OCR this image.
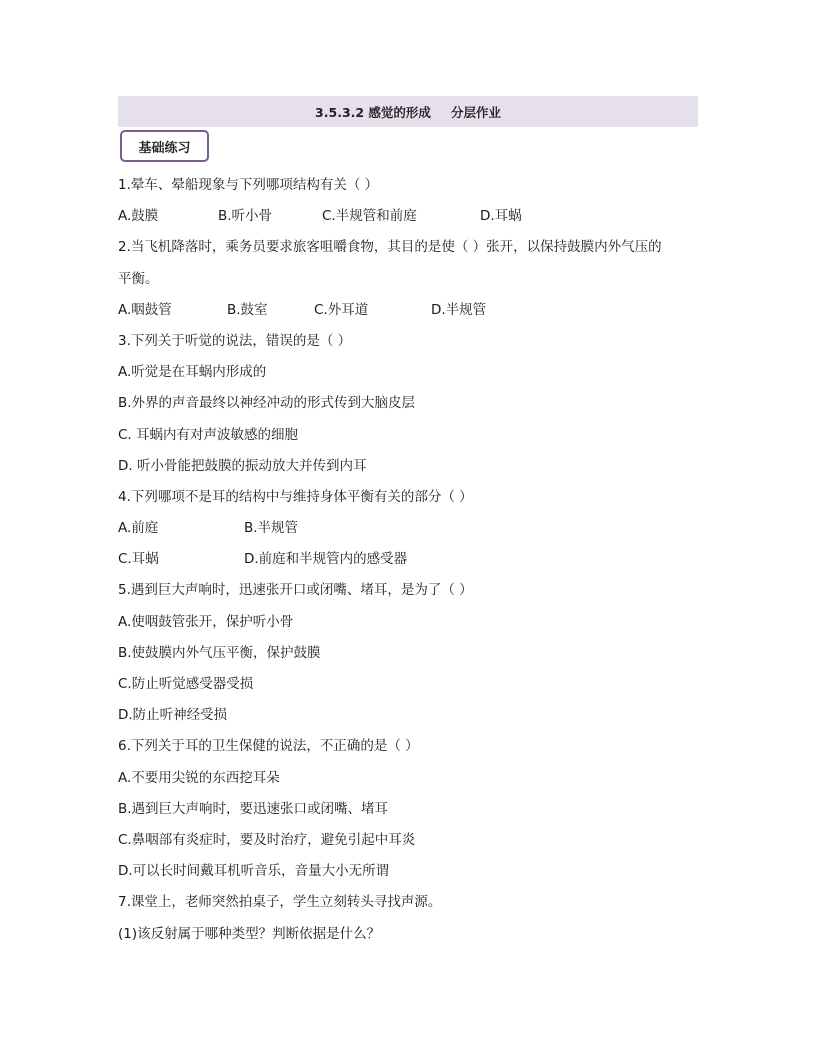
3.5.3.2 感觉的形成 分层作业
基础练习
1.晕车、晕船现象与下列哪项结构有关（ ）
A.鼓膜	B.听小骨	C.半规管和前庭	D.耳蜗
2.当飞机降落时，乘务员要求旅客咀嚼食物，其目的是使（ ）张开，以保持鼓膜内外气压的
平衡。
A.咽鼓管	B.鼓室	C.外耳道	D.半规管
3.下列关于听觉的说法，错误的是（ ）
A.听觉是在耳蜗内形成的
B.外界的声音最终以神经冲动的形式传到大脑皮层
C. 耳蜗内有对声波敏感的细胞
D. 听小骨能把鼓膜的振动放大并传到内耳
4.下列哪项不是耳的结构中与维持身体平衡有关的部分（ ）
A.前庭	B.半规管
C.耳蜗	D.前庭和半规管内的感受器
5.遇到巨大声响时，迅速张开口或闭嘴、堵耳，是为了（ ）
A.使咽鼓管张开，保护听小骨
B.使鼓膜内外气压平衡，保护鼓膜
C.防止听觉感受器受损
D.防止听神经受损
6.下列关于耳的卫生保健的说法，不正确的是（ ）
A.不要用尖锐的东西挖耳朵
B.遇到巨大声响时，要迅速张口或闭嘴、堵耳
C.鼻咽部有炎症时，要及时治疗，避免引起中耳炎
D.可以长时间戴耳机听音乐，音量大小无所谓
7.课堂上，老师突然拍桌子，学生立刻转头寻找声源。
(1)该反射属于哪种类型？判断依据是什么？
